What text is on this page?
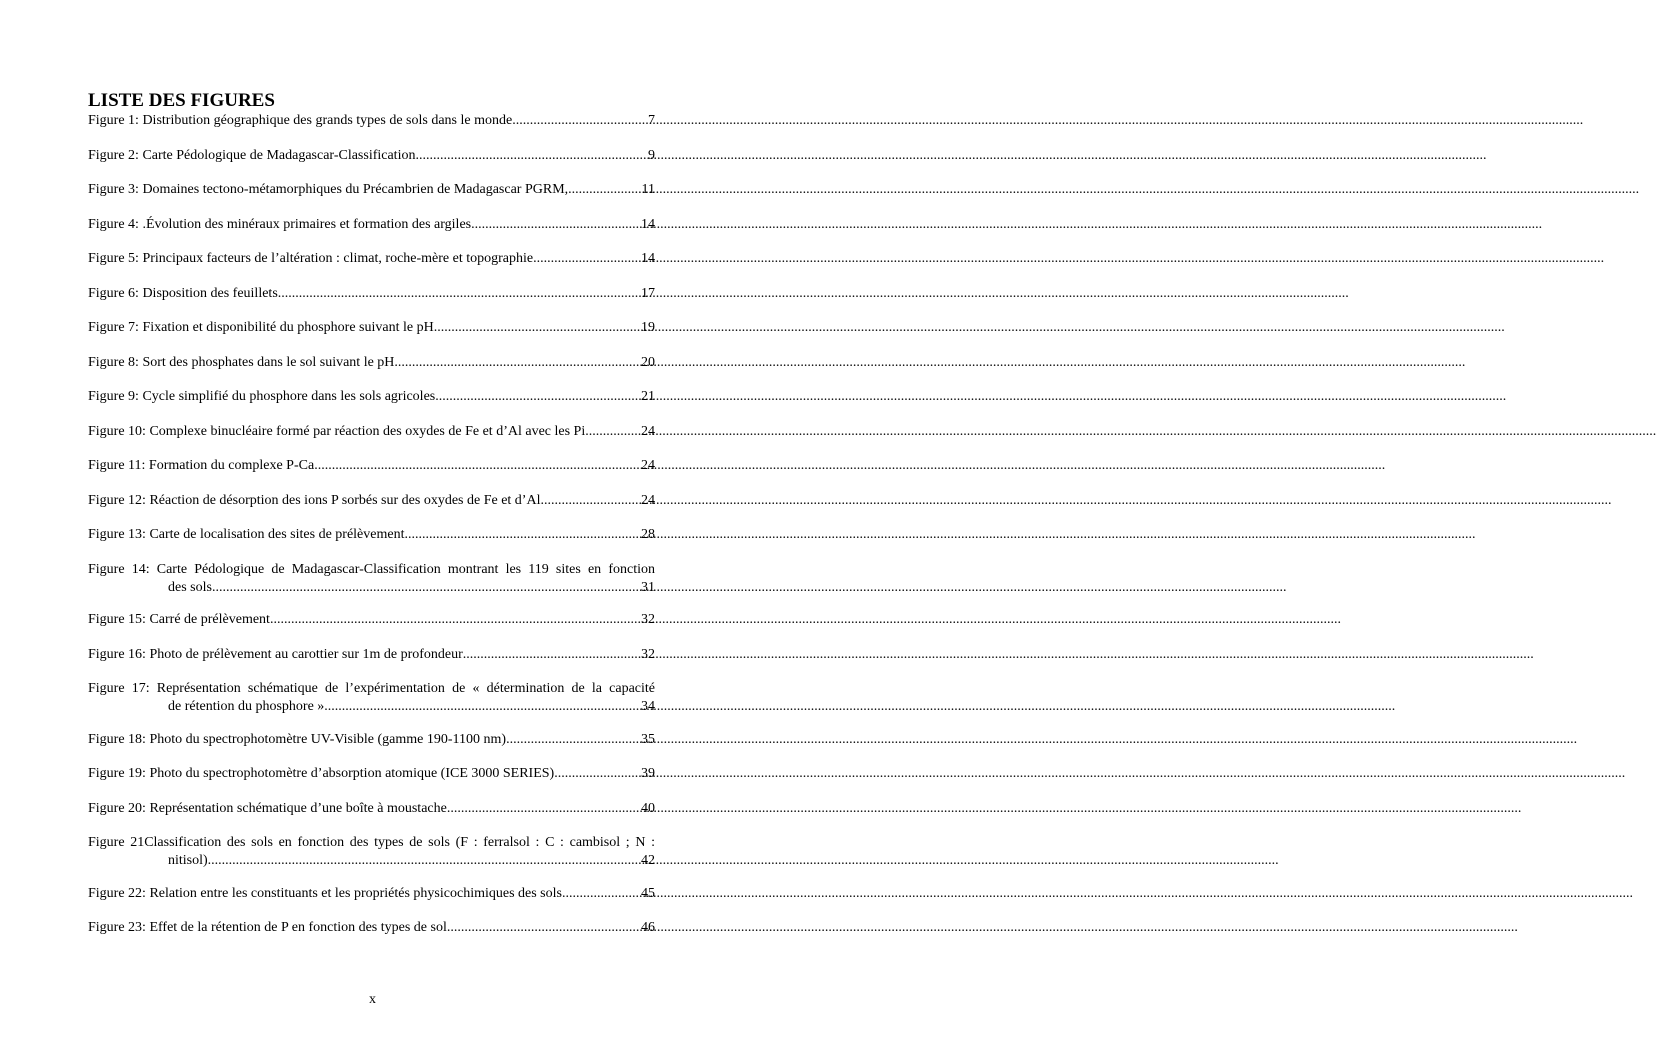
LISTE DES FIGURES
Figure 1: Distribution géographique des grands types de sols dans le monde .....	7
Figure 2: Carte Pédologique de Madagascar-Classification .....	9
Figure 3: Domaines tectono-métamorphiques du Précambrien de Madagascar PGRM, .....	11
Figure 4: .Évolution des minéraux primaires et formation des argiles .....	14
Figure 5: Principaux facteurs de l’altération : climat, roche-mère et topographie .....	14
Figure 6: Disposition des feuillets .....	17
Figure 7: Fixation et disponibilité du phosphore suivant le pH .....	19
Figure 8: Sort des phosphates dans le sol suivant le pH .....	20
Figure 9: Cycle simplifié du phosphore dans les sols agricoles .....	21
Figure 10: Complexe binucléaire formé par réaction des oxydes de Fe et d’Al avec les Pi .....	24
Figure 11: Formation du complexe P-Ca .....	24
Figure 12: Réaction de désorption des ions P sorbés sur des oxydes de Fe et d’Al .....	24
Figure 13: Carte de localisation des sites de prélèvement .....	28
Figure 14: Carte Pédologique de Madagascar-Classification montrant les 119 sites en fonction
des sols. .....	31
Figure 15: Carré de prélèvement .....	32
Figure 16: Photo de prélèvement au carottier sur 1m de profondeur .....	32
Figure 17: Représentation schématique de l’expérimentation de « détermination de la capacité
de rétention du phosphore » .....	34
Figure 18: Photo du spectrophotomètre UV-Visible (gamme 190-1100 nm) .....	35
Figure 19: Photo du spectrophotomètre d’absorption atomique (ICE 3000 SERIES) .....	39
Figure 20: Représentation schématique d’une boîte à moustache. .....	40
Figure 21Classification des sols en fonction des types de sols (F : ferralsol : C : cambisol ; N :
nitisol) .....	42
Figure 22: Relation entre les constituants et les propriétés physicochimiques des sols .....	45
Figure 23: Effet de la rétention de P en fonction des types de sol .....	46
x
